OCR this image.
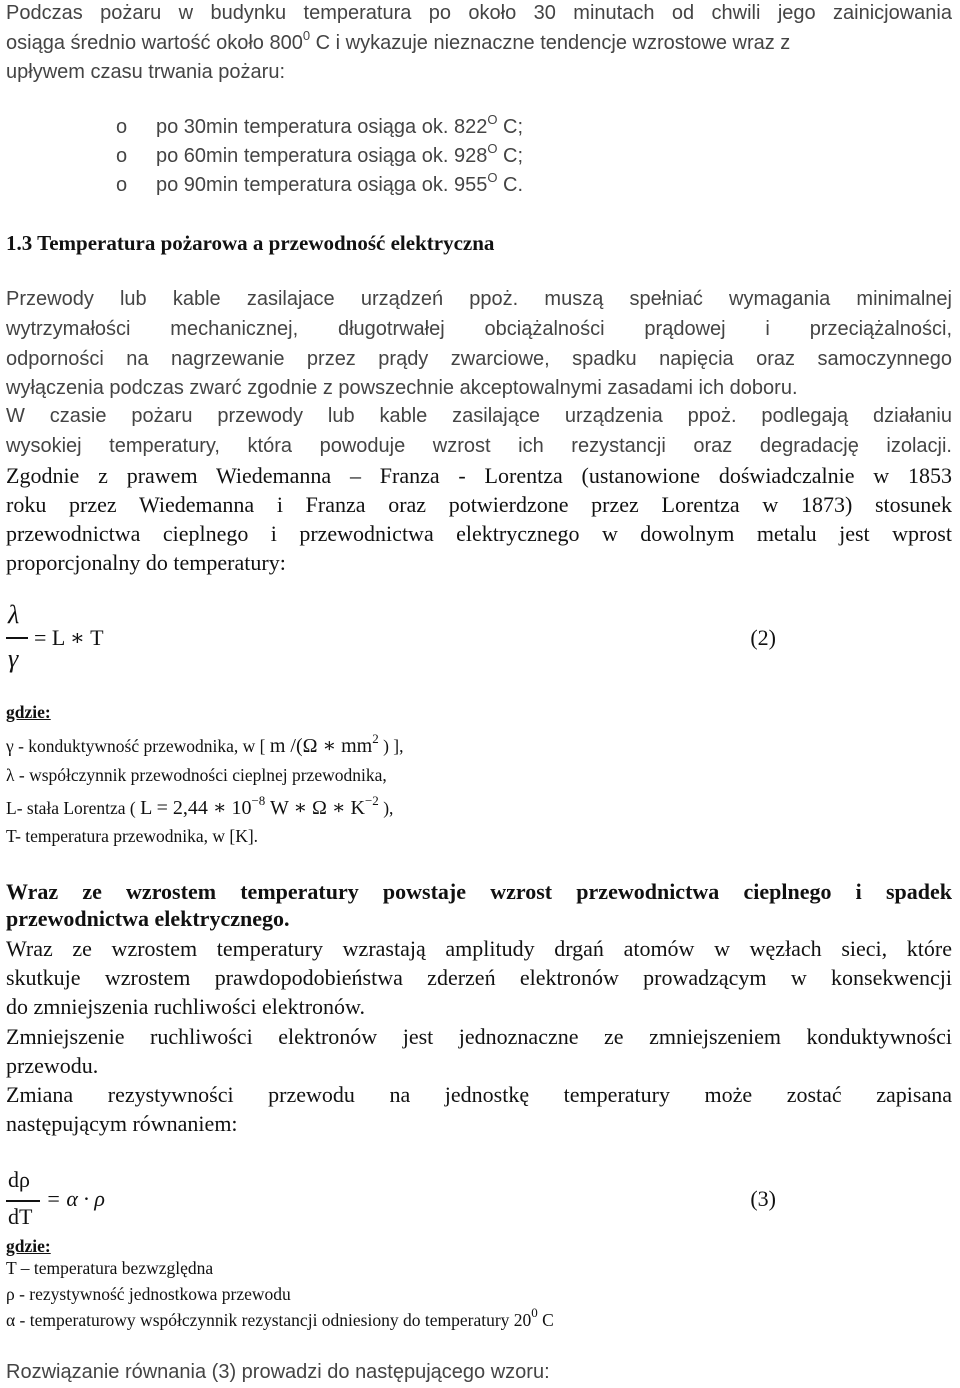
Podczas pożaru w budynku temperatura po około 30 minutach od chwili jego zainicjowania
osiąga średnio wartość około $800^0$ C i wykazuje nieznaczne tendencje wzrostowe wraz z
upływem czasu trwania pożaru:
o po 30min temperatura osiąga ok. $822^O$ C;
o po 60min temperatura osiąga ok. $928^O$ C;
o po 90min temperatura osiąga ok. $955^O$ C.
1.3 Temperatura pożarowa a przewodność elektryczna
Przewody lub kable zasilajace urządzeń ppoż. muszą spełniać wymagania minimalnej
wytrzymałości mechanicznej, długotrwałej obciążalności prądowej i przeciążalności,
odporności na nagrzewanie przez prądy zwarciowe, spadku napięcia oraz samoczynnego
wyłączenia podczas zwarć zgodnie z powszechnie akceptowalnymi zasadami ich doboru.
W czasie pożaru przewody lub kable zasilające urządzenia ppoż. podlegają działaniu
wysokiej temperatury, która powoduje wzrost ich rezystancji oraz degradację izolacji.
Zgodnie z prawem Wiedemanna – Franza - Lorentza (ustanowione doświadczalnie w 1853
roku przez Wiedemanna i Franza oraz potwierdzone przez Lorentza w 1873) stosunek
przewodnictwa cieplnego i przewodnictwa elektrycznego w dowolnym metalu jest wprost
proporcjonalny do temperatury:
λ
γ
= L ∗ T	(2)
gdzie:
γ - konduktywność przewodnika, w [ m /(Ω ∗ $mm^2$ ) ],
λ - współczynnik przewodności cieplnej przewodnika,
L- stała Lorentza ( L = 2,44 ∗ $10^{-8}$ W ∗ Ω ∗ $K^{-2}$ ),
T- temperatura przewodnika, w [K].
Wraz ze wzrostem temperatury powstaje wzrost przewodnictwa cieplnego i spadek
przewodnictwa elektrycznego.
Wraz ze wzrostem temperatury wzrastają amplitudy drgań atomów w węzłach sieci, które
skutkuje wzrostem prawdopodobieństwa zderzeń elektronów prowadzącym w konsekwencji
do zmniejszenia ruchliwości elektronów.
Zmniejszenie ruchliwości elektronów jest jednoznaczne ze zmniejszeniem konduktywności
przewodu.
Zmiana rezystywności przewodu na jednostkę temperatury może zostać zapisana
następującym równaniem:
dρ
dT
= α · ρ	(3)
gdzie:
T – temperatura bezwzględna
ρ - rezystywność jednostkowa przewodu
α - temperaturowy współczynnik rezystancji odniesiony do temperatury $20^0$ C
Rozwiązanie równania (3) prowadzi do następującego wzoru:
